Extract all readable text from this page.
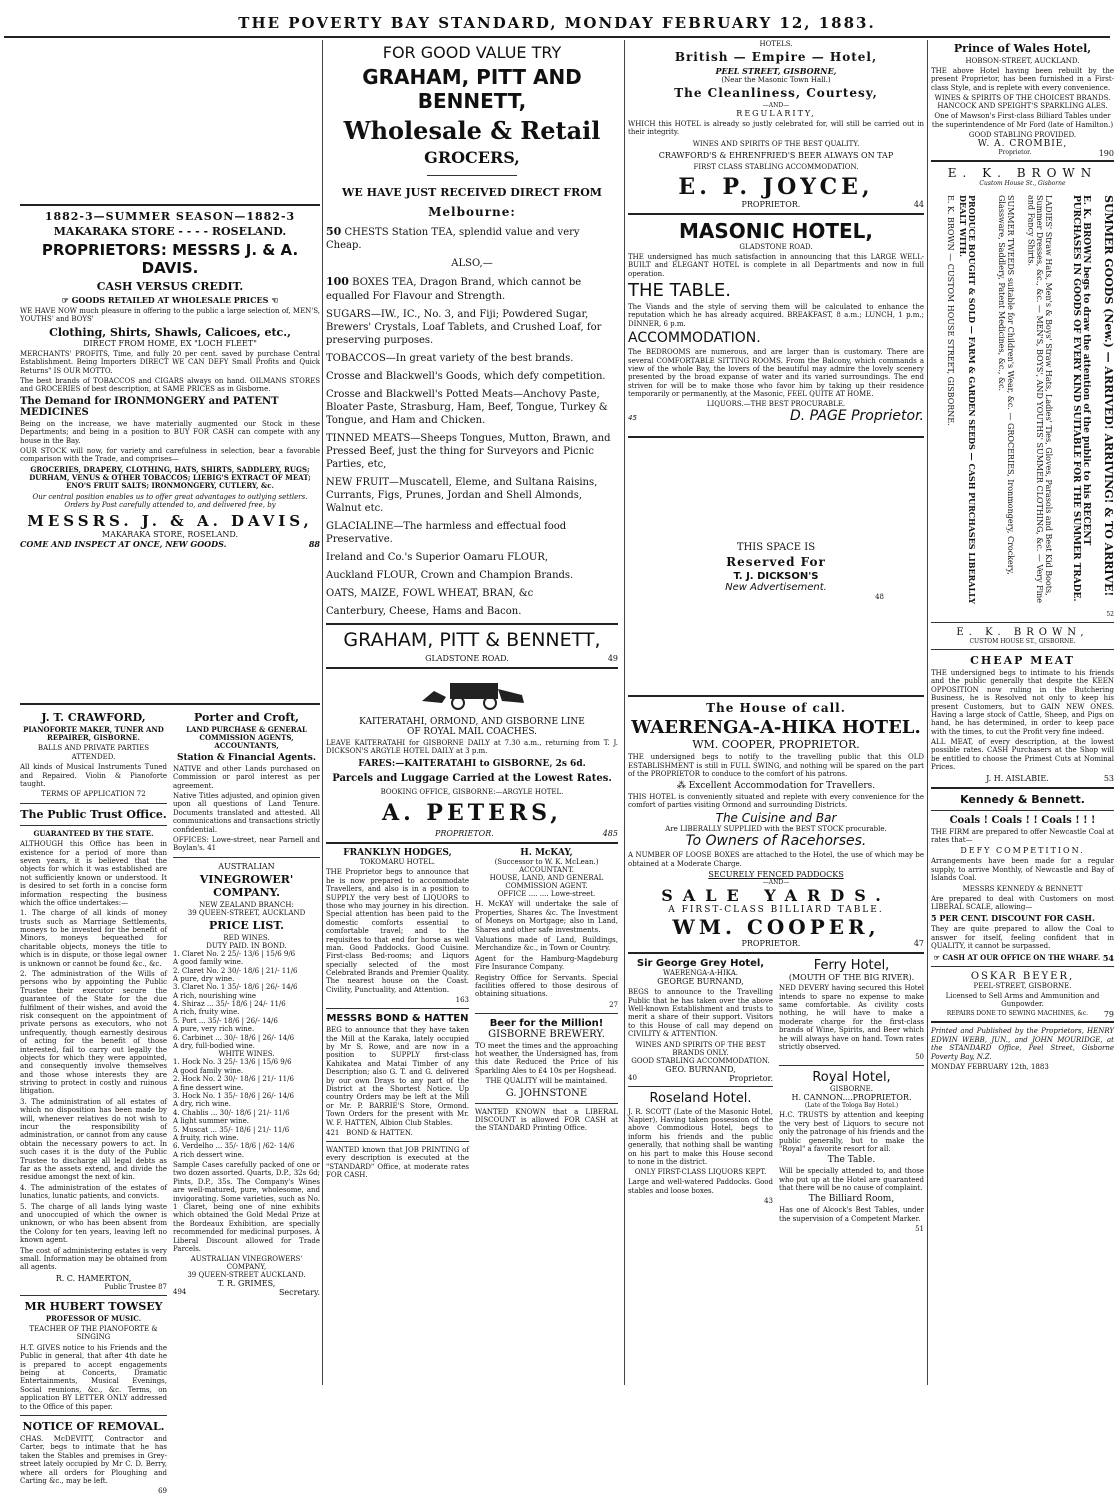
THE POVERTY BAY STANDARD, MONDAY FEBRUARY 12, 1883.
1882-3—SUMMER SEASON—1882-3
MAKARAKA STORE - - - - ROSELAND.
PROPRIETORS: MESSRS J. & A. DAVIS.
CASH VERSUS CREDIT.
☞ GOODS RETAILED AT WHOLESALE PRICES ☜

WE HAVE NOW much pleasure in offering to the public a large selection of, MEN'S, YOUTHS' and BOYS'

Clothing, Shirts, Shawls, Calicoes, etc.,
DIRECT FROM HOME, EX "LOCH FLEET"

MERCHANTS' PROFITS, Time, and fully 20 per cent. saved by purchase Central Establishment. Being Importers DIRECT WE CAN DEFY Small Profits and Quick Returns" IS OUR MOTTO.

The best brands of TOBACCOS and CIGARS always on hand. OILMANS STORES and GROCERIES of best description, at SAME PRICES as in Gisborne.

The Demand for IRONMONGERY and PATENT MEDICINES

Being on the increase, we have materially augmented our Stock in these Departments; and being in a position to BUY FOR CASH can compete with any house in the Bay.

OUR STOCK will now, for variety and carefulness in selection, bear a favorable comparison with the Trade, and comprises—

GROCERIES, DRAPERY, CLOTHING, HATS, SHIRTS, SADDLERY, RUGS; DURHAM, VENUS & OTHER TOBACCOS; LIEBIG'S EXTRACT OF MEAT; ENO'S FRUIT SALTS; IRONMONGERY, CUTLERY, &c.

Our central position enables us to offer great advantages to outlying settlers. Orders by Post carefully attended to, and delivered free, by

MESSRS. J. & A. DAVIS,
MAKARAKA STORE, ROSELAND.
COME AND INSPECT AT ONCE, NEW GOODS.	88
J. T. CRAWFORD,

PIANOFORTE MAKER, TUNER AND REPAIRER, GISBORNE.

BALLS AND PRIVATE PARTIES ATTENDED.

All kinds of Musical Instruments Tuned and Repaired. Violin & Pianoforte taught.

TERMS OF APPLICATION 72

The Public Trust Office.

GUARANTEED BY THE STATE.

ALTHOUGH this Office has been in existence for a period of more than seven years, it is believed that the objects for which it was established are not sufficiently known or understood. It is desired to set forth in a concise form information respecting the business which the office undertakes:—

1. The charge of all kinds of money trusts such as Marriage Settlements, moneys to be invested for the benefit of Minors, moneys bequeathed for charitable objects, moneys the title to which is in dispute, or those legal owner is unknown or cannot be found &c., &c.

2. The administration of the Wills of persons who by appointing the Public Trustee their executor secure the guarantee of the State for the due fulfilment of their wishes, and avoid the risk consequent on the appointment of private persons as executors, who not unfrequently, though earnestly desirous of acting for the benefit of those interested, fail to carry out legally the objects for which they were appointed, and consequently involve themselves and those whose interests they are striving to protect in costly and ruinous litigation.

3. The administration of all estates of which no disposition has been made by will, whenever relatives do not wish to incur the responsibility of administration, or cannot from any cause obtain the necessary powers to act. In such cases it is the duty of the Public Trustee to discharge all legal debts as far as the assets extend, and divide the residue amongst the next of kin.

4. The administration of the estates of lunatics, lunatic patients, and convicts.

5. The charge of all lands lying waste and unoccupied of which the owner is unknown, or who has been absent from the Colony for ten years, leaving left no known agent.

The cost of administering estates is very small. Information may be obtained from all agents.

R. C. HAMERTON,
Public Trustee 87
MR HUBERT TOWSEY

PROFESSOR OF MUSIC.

TEACHER OF THE PIANOFORTE & SINGING

H.T. GIVES notice to his Friends and the Public in general, that after 4th date he is prepared to accept engagements being at Concerts, Dramatic Entertainments, Musical Evenings, Social reunions, &c., &c. Terms, on application BY LETTER ONLY addressed to the Office of this paper.

NOTICE OF REMOVAL.

CHAS. McDEVITT, Contractor and Carter, begs to intimate that he has taken the Stables and premises in Grey-street lately occupied by Mr C. D. Berry, where all orders for Ploughing and Carting &c., may be left.

69
Porter and Croft,

LAND PURCHASE & GENERAL COMMISSION AGENTS, ACCOUNTANTS,

Station & Financial Agents.

NATIVE and other Lands purchased on Commission or parol interest as per agreement.

Native Titles adjusted, and opinion given upon all questions of Land Tenure. Documents translated and attested. All communications and transactions strictly confidential.

OFFICES: Lowe-street, near Parnell and Boylan's. 41

AUSTRALIAN
VINEGROWER' COMPANY.
NEW ZEALAND BRANCH:
39 QUEEN-STREET, AUCKLAND
PRICE LIST.
RED WINES.
DUTY PAID. IN BOND.
1. Claret No. 2 25/- 13/6 | 15/6 9/6
A good family wine.
2. Claret No. 2 30/- 18/6 | 21/- 11/6
A pure, dry wine.
3. Claret No. 1 35/- 18/6 | 26/- 14/6
A rich, nourishing wine
4. Shiraz ... 35/- 18/6 | 24/- 11/6
A rich, fruity wine.
5. Port ... 35/- 18/6 | 26/- 14/6
A pure, very rich wine.
6. Carbinet ... 30/- 18/6 | 26/- 14/6
A dry, full-bodied wine.
WHITE WINES.
1. Hock No. 3 25/- 13/6 | 15/6 9/6
A good family wine.
2. Hock No. 2 30/- 18/6 | 21/- 11/6
A fine dessert wine.
3. Hock No. 1 35/- 18/6 | 26/- 14/6
A dry, rich wine.
4. Chablis ... 30/- 18/6 | 21/- 11/6
A light summer wine.
5. Muscat ... 35/- 18/6 | 21/- 11/6
A fruity, rich wine.
6. Verdelho ... 35/- 18/6 | /62- 14/6
A rich dessert wine.

Sample Cases carefully packed of one or two dozen assorted. Quarts, D.P., 32s 6d; Pints, D.P., 35s. The Company's Wines are well-matured, pure, wholesome, and invigorating. Some varieties, such as No. 1 Claret, being one of nine exhibits which obtained the Gold Medal Prize at the Bordeaux Exhibition, are specially recommended for medicinal purposes. A Liberal Discount allowed for Trade Parcels.

AUSTRALIAN VINEGROWERS' COMPANY,
39 QUEEN-STREET AUCKLAND.
T. R. GRIMES,
494	Secretary.
FOR GOOD VALUE TRY
GRAHAM, PITT AND BENNETT,
Wholesale & Retail
GROCERS,
WE HAVE JUST RECEIVED DIRECT FROM
Melbourne:
50 CHESTS Station TEA, splendid value and very Cheap.
ALSO,—
100 BOXES TEA, Dragon Brand, which cannot be equalled For Flavour and Strength.
SUGARS—IW., IC., No. 3, and Fiji; Powdered Sugar, Brewers' Crystals, Loaf Tablets, and Crushed Loaf, for preserving purposes.
TOBACCOS—In great variety of the best brands.
Crosse and Blackwell's Goods, which defy competition.
Crosse and Blackwell's Potted Meats—Anchovy Paste, Bloater Paste, Strasburg, Ham, Beef, Tongue, Turkey & Tongue, and Ham and Chicken.
TINNED MEATS—Sheeps Tongues, Mutton, Brawn, and Pressed Beef, just the thing for Surveyors and Picnic Parties, etc,
NEW FRUIT—Muscatell, Eleme, and Sultana Raisins, Currants, Figs, Prunes, Jordan and Shell Almonds, Walnut etc.
GLACIALINE—The harmless and effectual food Preservative.
Ireland and Co.'s Superior Oamaru FLOUR,
Auckland FLOUR, Crown and Champion Brands.
OATS, MAIZE, FOWL WHEAT, BRAN, &c
Canterbury, Cheese, Hams and Bacon.
GRAHAM, PITT & BENNETT,
GLADSTONE ROAD.	49
KAITERATAHI, ORMOND, AND GISBORNE LINE
OF ROYAL MAIL COACHES.

LEAVE KAITERATAHI for GISBORNE DAILY at 7.30 a.m., returning from T. J. DICKSON'S ARGYLE HOTEL DAILY at 3 p.m.

FARES:—KAITERATAHI to GISBORNE, 2s 6d.
Parcels and Luggage Carried at the Lowest Rates.
BOOKING OFFICE, GISBORNE:—ARGYLE HOTEL.
A. PETERS,
PROPRIETOR.	485
FRANKLYN HODGES,
TOKOMARU HOTEL.

THE Proprietor begs to announce that he is now prepared to accommodate Travellers, and also is in a position to SUPPLY the very best of LIQUORS to those who may journey in his direction. Special attention has been paid to the domestic comforts essential to comfortable travel; and to the requisites to that end for horse as well man. Good Paddocks. Good Cuisine. First-class Bed-rooms; and Liquors specially selected of the most Celebrated Brands and Premier Quality. The nearest house on the Coast. Civility, Punctuality, and Attention.

163
MESSRS BOND & HATTEN

BEG to announce that they have taken the Mill at the Karaka, lately occupied by Mr S. Rowe, and are now in a position to SUPPLY first-class Kahikatea and Matai Timber of any Description; also G. T. and G. delivered by our own Drays to any part of the District at the Shortest Notice. Up country Orders may be left at the Mill or Mr. P. BARRIE'S Store, Ormond. Town Orders for the present with Mr. W. F. HATTEN, Albion Club Stables.

421 BOND & HATTEN.

WANTED known that JOB PRINTING of every description is executed at the "STANDARD" Office, at moderate rates FOR CASH.

H. McKAY,
(Successor to W. K. McLean.)
ACCOUNTANT.
HOUSE, LAND, AND GENERAL COMMISSION AGENT.
OFFICE .... .... Lowe-street.

H. McKAY will undertake the sale of Properties, Shares &c. The Investment of Moneys on Mortgage; also in Land, Shares and other safe investments.

Valuations made of Land, Buildings, Merchandize &c., in Town or Country.

Agent for the Hamburg-Magdeburg Fire Insurance Company.

Registry Office for Servants. Special facilities offered to those desirous of obtaining situations.

27
Beer for the Million!
GISBORNE BREWERY.

TO meet the times and the approaching hot weather, the Undersigned has, from this date Reduced the Price of his Sparkling Ales to £4 10s per Hogshead.

THE QUALITY will be maintained.

G. JOHNSTONE

WANTED KNOWN that a LIBERAL DISCOUNT is allowed FOR CASH at the STANDARD Printing Office.

HOTELS.
British — Empire — Hotel,
PEEL STREET, GISBORNE,
(Near the Masonic Town Hall.)
The Cleanliness, Courtesy,
—AND—
REGULARITY,

WHICH this HOTEL is already so justly celebrated for, will still be carried out in their integrity.

WINES AND SPIRITS OF THE BEST QUALITY.
CRAWFORD'S & EHRENFRIED'S BEER ALWAYS ON TAP
FIRST CLASS STABLING ACCOMMODATION.
E. P. JOYCE,
PROPRIETOR.	44
MASONIC HOTEL,
GLADSTONE ROAD.

THE undersigned has much satisfaction in announcing that this LARGE WELL-BUILT and ELEGANT HOTEL is complete in all Departments and now in full operation.

THE TABLE.

The Viands and the style of serving them will be calculated to enhance the reputation which he has already acquired. BREAKFAST, 8 a.m.; LUNCH, 1 p.m.; DINNER, 6 p.m.

ACCOMMODATION.

The BEDROOMS are numerous, and are larger than is customary. There are several COMFORTABLE SITTING ROOMS. From the Balcony, which commands a view of the whole Bay, the lovers of the beautiful may admire the lovely scenery presented by the broad expanse of water and its varied surroundings. The end striven for will be to make those who favor him by taking up their residence temporarily or permanently, at the Masonic, FEEL QUITE AT HOME.

LIQUORS.—THE BEST PROCURABLE.
45	D. PAGE Proprietor.
THIS SPACE IS
Reserved For
T. J. DICKSON'S
New Advertisement.
48
The House of call.
WAERENGA-A-HIKA HOTEL.
WM. COOPER, PROPRIETOR.

THE undersigned begs to notify to the travelling public that this OLD ESTABLISHMENT is still in FULL SWING, and nothing will be spared on the part of the PROPRIETOR to conduce to the comfort of his patrons.

⁂ Excellent Accommodation for Travellers.

THIS HOTEL is conveniently situated and replete with every convenience for the comfort of parties visiting Ormond and surrounding Districts.

The Cuisine and Bar
Are LIBERALLY SUPPLIED with the BEST STOCK procurable.
To Owners of Racehorses.

A NUMBER OF LOOSE BOXES are attached to the Hotel, the use of which may be obtained at a Moderate Charge.

SECURELY FENCED PADDOCKS
—AND—
SALE YARDS.
A FIRST-CLASS BILLIARD TABLE.
WM. COOPER,
PROPRIETOR.	47
Sir George Grey Hotel,
WAERENGA-A-HIKA.
GEORGE BURNAND,

BEGS to announce to the Travelling Public that he has taken over the above Well-known Establishment and trusts to merit a share of their support. Visitors to this House of call may depend on CIVILITY & ATTENTION.

WINES AND SPIRITS OF THE BEST BRANDS ONLY.
GOOD STABLING ACCOMMODATION.
GEO. BURNAND,
40	Proprietor.
Roseland Hotel.

J. R. SCOTT (Late of the Masonic Hotel, Napier), Having taken possession of the above Commodious Hotel, begs to inform his friends and the public generally, that nothing shall be wanting on his part to make this House second to none in the district.

ONLY FIRST-CLASS LIQUORS KEPT.

Large and well-watered Paddocks. Good stables and loose boxes.

43
Ferry Hotel,
(MOUTH OF THE BIG RIVER).

NED DEVERY having secured this Hotel intends to spare no expense to make same comfortable. As civility costs nothing, he will have to make a moderate charge for the first-class brands of Wine, Spirits, and Beer which he will always have on hand. Town rates strictly observed.

50
Royal Hotel,
GISBORNE.
H. CANNON....PROPRIETOR.
(Late of the Tologa Bay Hotel.)

H.C. TRUSTS by attention and keeping the very best of Liquors to secure not only the patronage of his friends and the public generally, but to make the "Royal" a favorite resort for all.

The Table.

Will be specially attended to, and those who put up at the Hotel are guaranteed that there will be no cause of complaint.

The Billiard Room,

Has one of Alcock's Best Tables, under the supervision of a Competent Marker.

51
Prince of Wales Hotel,
HOBSON-STREET, AUCKLAND.

THE above Hotel having been rebuilt by the present Proprietor, has been furnished in a First-class Style, and is replete with every convenience.

WINES & SPIRITS OF THE CHOICEST BRANDS.
HANCOCK AND SPEIGHT'S SPARKLING ALES.

One of Mawson's First-class Billiard Tables under the superintendence of Mr Ford (late of Hamilton.)

GOOD STABLING PROVIDED.
W. A. CROMBIE,
Proprietor.	190
E. K. BROWN
Custom House St., Gisborne
SUMMER GOODS (New.) — ARRIVED! ARRIVING! & TO ARRIVE!
E. K. BROWN begs to draw the attention of the public to his RECENT PURCHASES IN GOODS OF EVERY KIND SUITABLE FOR THE SUMMER TRADE.
LADIES' Straw Hats, Men's & Boys' Straw Hats, Ladies' Ties, Gloves, Parasols and Best Kid Boots, Summer Dresses, &c., &c. — MEN'S, BOYS', AND YOUTHS' SUMMER CLOTHING, &c. — Very Fine and Fancy Shirts.
SUMMER TWEEDS suitable for Children's Wear, &c. — GROCERIES, Ironmongery, Crockery, Glassware, Saddlery, Patent Medicines, &c., &c.
PRODUCE BOUGHT & SOLD — FARM & GARDEN SEEDS — CASH PURCHASES LIBERALLY DEALT WITH.
E. K. BROWN — CUSTOM HOUSE STREET, GISBORNE.
52
E. K. BROWN,
CUSTOM HOUSE ST., GISBORNE.
CHEAP MEAT

THE undersigned begs to intimate to his friends and the public generally that despite the KEEN OPPOSITION now ruling in the Butchering Business, he is Resolved not only to keep his present Customers, but to GAIN NEW ONES. Having a large stock of Cattle, Sheep, and Pigs on hand, he has determined, in order to keep pace with the times, to cut the Profit very fine indeed.

ALL MEAT, of every description, at the lowest possible rates. CASH Purchasers at the Shop will be entitled to choose the Primest Cuts at Nominal Prices.

J. H. AISLABIE.	53
Kennedy & Bennett.
Coals ! Coals ! ! Coals ! ! !

THE FIRM are prepared to offer Newcastle Coal at rates that—

DEFY COMPETITION.

Arrangements have been made for a regular supply, to arrive Monthly, of Newcastle and Bay of Islands Coal.

MESSRS KENNEDY & BENNETT

Are prepared to deal with Customers on most LIBERAL SCALE, allowing—

5 PER CENT. DISCOUNT FOR CASH.

They are quite prepared to allow the Coal to answer for itself, feeling confident that in QUALITY, it cannot be surpassed.

☞ CASH AT OUR OFFICE ON THE WHARF. 54
OSKAR BEYER,
PEEL-STREET, GISBORNE.

Licensed to Sell Arms and Ammunition and Gunpowder.

REPAIRS DONE TO SEWING MACHINES, &c. 79

Printed and Published by the Proprietors, HENRY EDWIN WEBB, JUN., and JOHN MOURIDGE, at the STANDARD Office, Peel Street, Gisborne Poverty Bay, N.Z.

MONDAY FEBRUARY 12th, 1883
